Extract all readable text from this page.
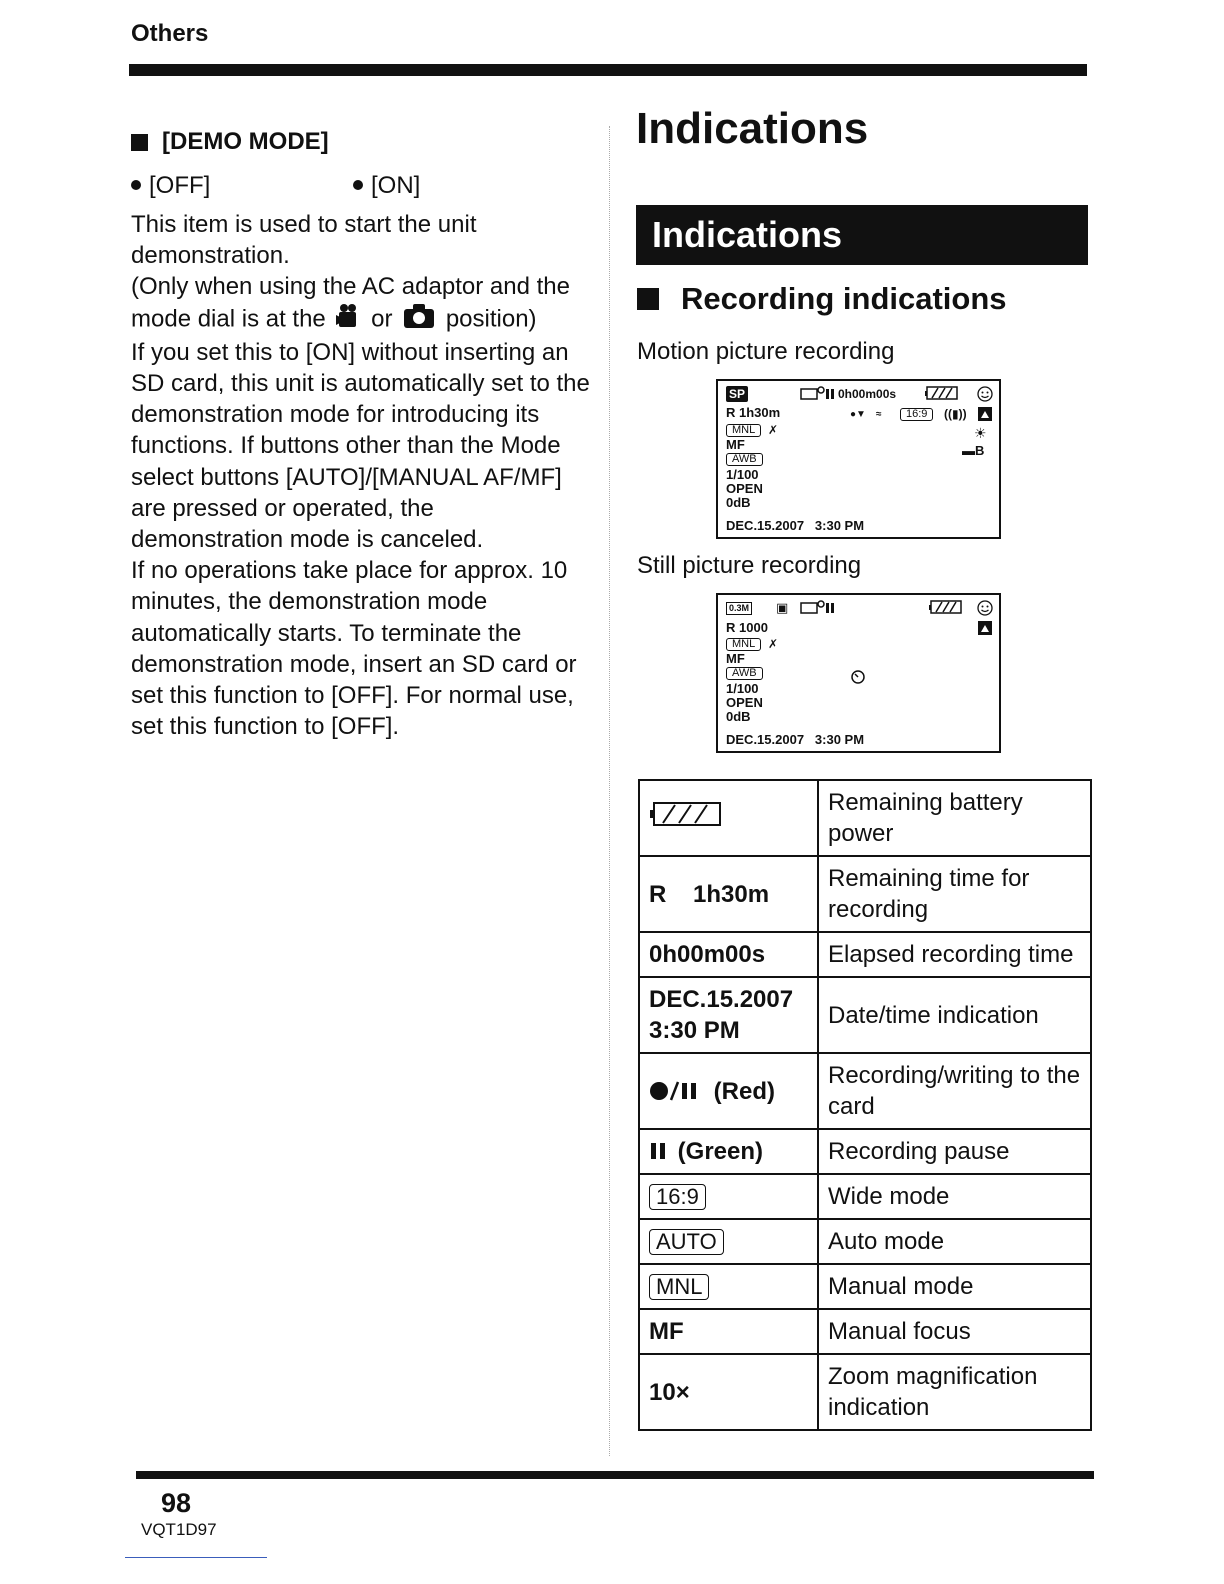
Others
[DEMO MODE]
[OFF]	[ON]

This item is used to start the unit demonstration.

(Only when using the AC adaptor and the mode dial is at the or position)

If you set this to [ON] without inserting an SD card, this unit is automatically set to the demonstration mode for introducing its functions. If buttons other than the Mode select buttons [AUTO]/[MANUAL AF/MF] are pressed or operated, the demonstration mode is canceled.

If no operations take place for approx. 10 minutes, the demonstration mode automatically starts. To terminate the demonstration mode, insert an SD card or set this function to [OFF]. For normal use, set this function to [OFF].

Indications
Indications
Recording indications
Motion picture recording
SP	0h00m00s
R 1h30m	●▼ ≈	16:9	((▮))
MNL	✗	☀
MF	▬B
AWB
1/100
OPEN
0dB
DEC.15.2007 3:30 PM
Still picture recording
0.3M ▣
R 1000
MNL	✗
MF
AWB
1/100
OPEN
0dB
DEC.15.2007 3:30 PM
	Remaining battery power
R    1h30m	Remaining time for recording
0h00m00s	Elapsed recording time
DEC.15.2007 3:30 PM	Date/time indication
(Red)	Recording/writing to the card
(Green)	Recording pause
16:9	Wide mode
AUTO	Auto mode
MNL	Manual mode
MF	Manual focus
10×	Zoom magnification indication
98
VQT1D97
